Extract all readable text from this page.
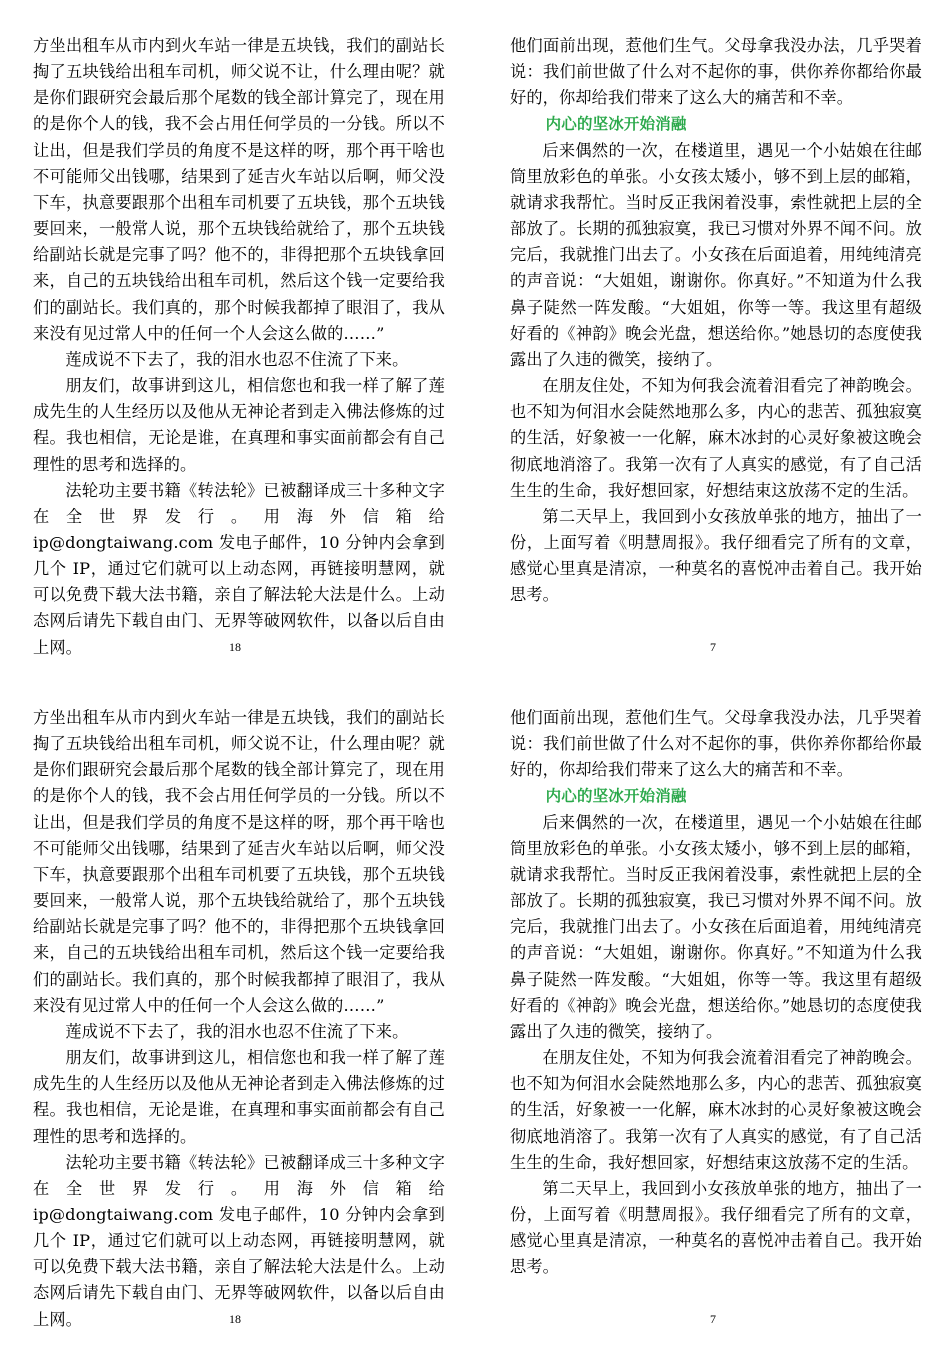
方坐出租车从市内到火车站一律是五块钱，我们的副站长掏了五块钱给出租车司机，师父说不让，什么理由呢？就是你们跟研究会最后那个尾数的钱全部计算完了，现在用的是你个人的钱，我不会占用任何学员的一分钱。所以不让出，但是我们学员的角度不是这样的呀，那个再干啥也不可能师父出钱哪，结果到了延吉火车站以后啊，师父没下车，执意要跟那个出租车司机要了五块钱，那个五块钱要回来，一般常人说，那个五块钱给就给了，那个五块钱给副站长就是完事了吗？他不的，非得把那个五块钱拿回来，自己的五块钱给出租车司机，然后这个钱一定要给我们的副站长。我们真的，那个时候我都掉了眼泪了，我从来没有见过常人中的任何一个人会这么做的……”

莲成说不下去了，我的泪水也忍不住流了下来。

朋友们，故事讲到这儿，相信您也和我一样了解了莲成先生的人生经历以及他从无神论者到走入佛法修炼的过程。我也相信，无论是谁，在真理和事实面前都会有自己理性的思考和选择的。

法轮功主要书籍《转法轮》已被翻译成三十多种文字在全世界发行。用海外信箱给

ip@dongtaiwang.com 发电子邮件，10 分钟内会拿到几个 IP，通过它们就可以上动态网，再链接明慧网，就可以免费下载大法书籍，亲自了解法轮大法是什么。上动态网后请先下载自由门、无界等破网软件，以备以后自由上网。	18

他们面前出现，惹他们生气。父母拿我没办法，几乎哭着说：我们前世做了什么对不起你的事，供你养你都给你最好的，你却给我们带来了这么大的痛苦和不幸。

内心的坚冰开始消融

后来偶然的一次，在楼道里，遇见一个小姑娘在往邮筒里放彩色的单张。小女孩太矮小，够不到上层的邮箱，就请求我帮忙。当时反正我闲着没事，索性就把上层的全部放了。长期的孤独寂寞，我已习惯对外界不闻不问。放完后，我就推门出去了。小女孩在后面追着，用纯纯清亮的声音说：“大姐姐，谢谢你。你真好。”不知道为什么我鼻子陡然一阵发酸。“大姐姐，你等一等。我这里有超级好看的《神韵》晚会光盘，想送给你。”她恳切的态度使我露出了久违的微笑，接纳了。

在朋友住处，不知为何我会流着泪看完了神韵晚会。也不知为何泪水会陡然地那么多，内心的悲苦、孤独寂寞的生活，好象被一一化解，麻木冰封的心灵好象被这晚会彻底地消溶了。我第一次有了人真实的感觉，有了自己活生生的生命，我好想回家，好想结束这放荡不定的生活。

第二天早上，我回到小女孩放单张的地方，抽出了一份，上面写着《明慧周报》。我仔细看完了所有的文章，感觉心里真是清凉，一种莫名的喜悦冲击着自己。我开始思考。

7

方坐出租车从市内到火车站一律是五块钱，我们的副站长掏了五块钱给出租车司机，师父说不让，什么理由呢？就是你们跟研究会最后那个尾数的钱全部计算完了，现在用的是你个人的钱，我不会占用任何学员的一分钱。所以不让出，但是我们学员的角度不是这样的呀，那个再干啥也不可能师父出钱哪，结果到了延吉火车站以后啊，师父没下车，执意要跟那个出租车司机要了五块钱，那个五块钱要回来，一般常人说，那个五块钱给就给了，那个五块钱给副站长就是完事了吗？他不的，非得把那个五块钱拿回来，自己的五块钱给出租车司机，然后这个钱一定要给我们的副站长。我们真的，那个时候我都掉了眼泪了，我从来没有见过常人中的任何一个人会这么做的……”

莲成说不下去了，我的泪水也忍不住流了下来。

朋友们，故事讲到这儿，相信您也和我一样了解了莲成先生的人生经历以及他从无神论者到走入佛法修炼的过程。我也相信，无论是谁，在真理和事实面前都会有自己理性的思考和选择的。

法轮功主要书籍《转法轮》已被翻译成三十多种文字在全世界发行。用海外信箱给

ip@dongtaiwang.com 发电子邮件，10 分钟内会拿到几个 IP，通过它们就可以上动态网，再链接明慧网，就可以免费下载大法书籍，亲自了解法轮大法是什么。上动态网后请先下载自由门、无界等破网软件，以备以后自由上网。	18

他们面前出现，惹他们生气。父母拿我没办法，几乎哭着说：我们前世做了什么对不起你的事，供你养你都给你最好的，你却给我们带来了这么大的痛苦和不幸。

内心的坚冰开始消融

后来偶然的一次，在楼道里，遇见一个小姑娘在往邮筒里放彩色的单张。小女孩太矮小，够不到上层的邮箱，就请求我帮忙。当时反正我闲着没事，索性就把上层的全部放了。长期的孤独寂寞，我已习惯对外界不闻不问。放完后，我就推门出去了。小女孩在后面追着，用纯纯清亮的声音说：“大姐姐，谢谢你。你真好。”不知道为什么我鼻子陡然一阵发酸。“大姐姐，你等一等。我这里有超级好看的《神韵》晚会光盘，想送给你。”她恳切的态度使我露出了久违的微笑，接纳了。

在朋友住处，不知为何我会流着泪看完了神韵晚会。也不知为何泪水会陡然地那么多，内心的悲苦、孤独寂寞的生活，好象被一一化解，麻木冰封的心灵好象被这晚会彻底地消溶了。我第一次有了人真实的感觉，有了自己活生生的生命，我好想回家，好想结束这放荡不定的生活。

第二天早上，我回到小女孩放单张的地方，抽出了一份，上面写着《明慧周报》。我仔细看完了所有的文章，感觉心里真是清凉，一种莫名的喜悦冲击着自己。我开始思考。

7
